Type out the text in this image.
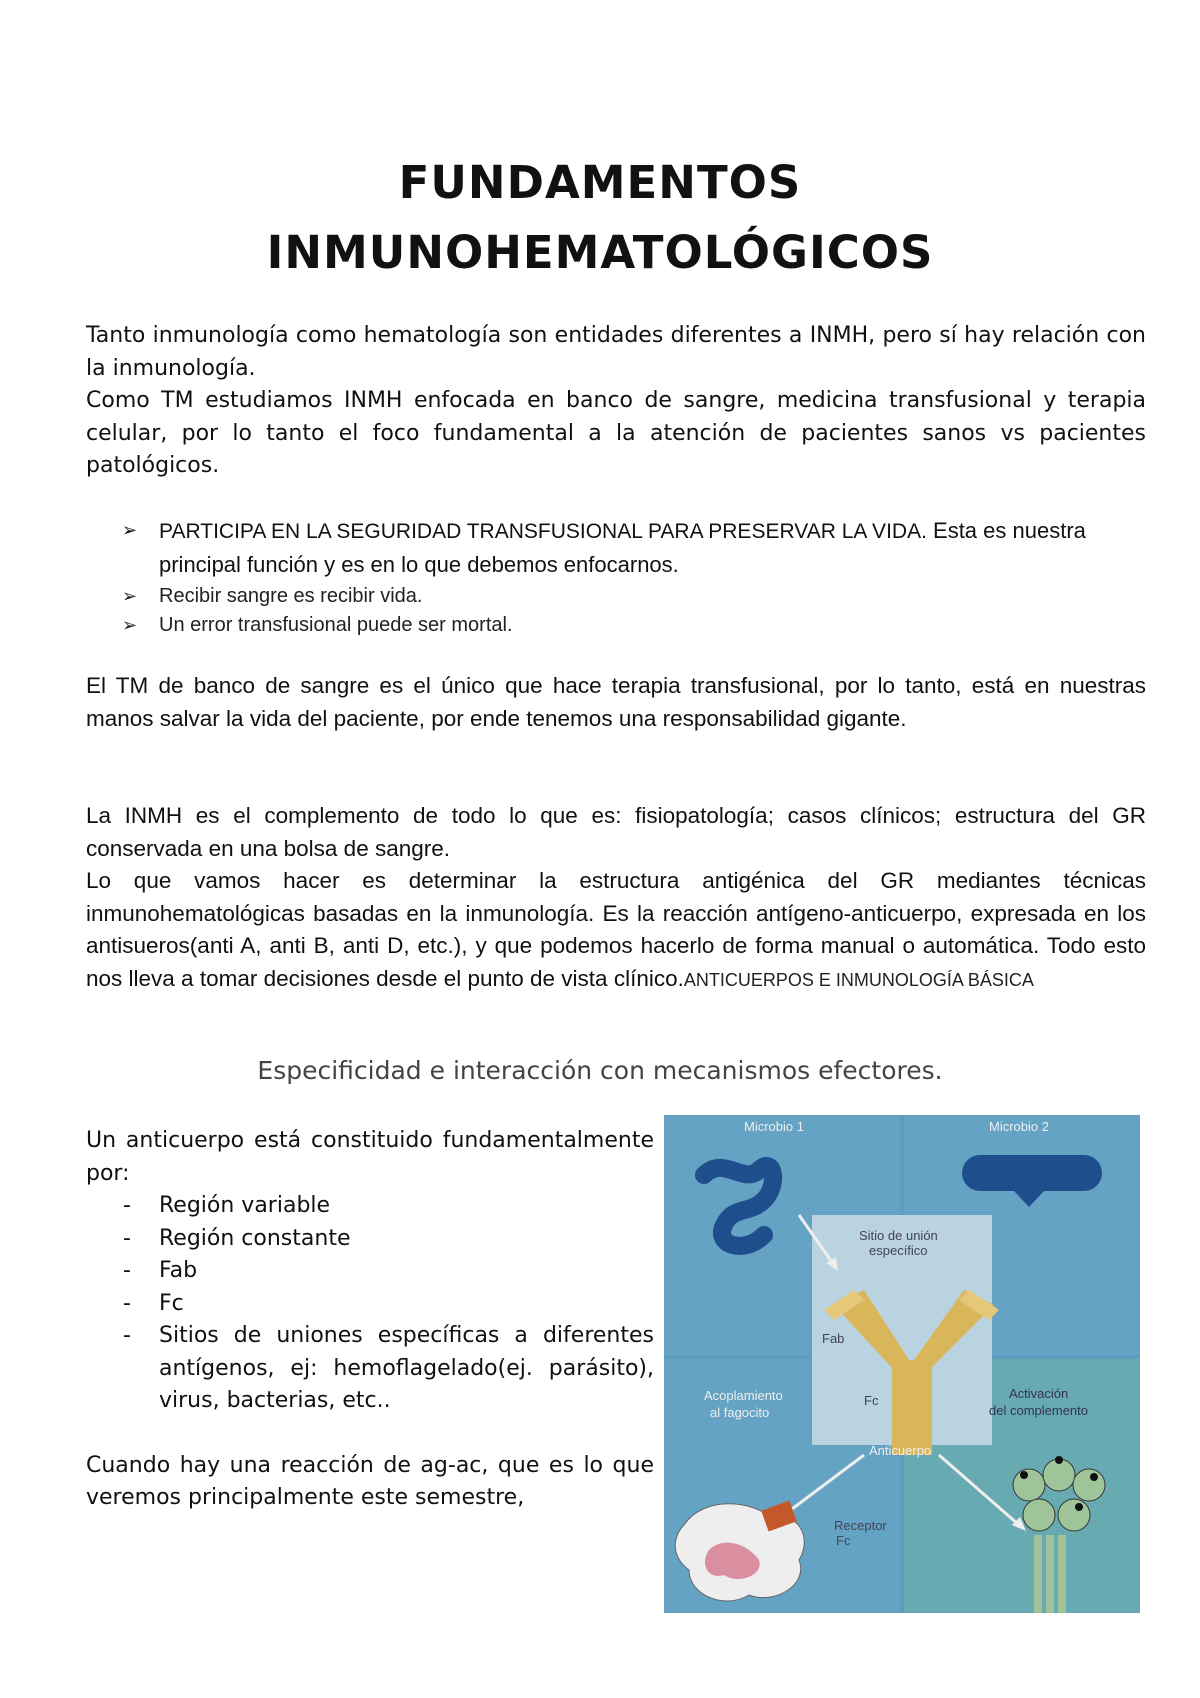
FUNDAMENTOS
INMUNOHEMATOLÓGICOS

Tanto inmunología como hematología son entidades diferentes a INMH, pero sí hay relación con la inmunología.

Como TM estudiamos INMH enfocada en banco de sangre, medicina transfusional y terapia celular, por lo tanto el foco fundamental a la atención de pacientes sanos vs pacientes patológicos.

➢ PARTICIPA EN LA SEGURIDAD TRANSFUSIONAL PARA PRESERVAR LA VIDA. Esta es nuestra principal función y es en lo que debemos enfocarnos.
➢ Recibir sangre es recibir vida.
➢ Un error transfusional puede ser mortal.

El TM de banco de sangre es el único que hace terapia transfusional, por lo tanto, está en nuestras manos salvar la vida del paciente, por ende tenemos una responsabilidad gigante.

La INMH es el complemento de todo lo que es: fisiopatología; casos clínicos; estructura del GR conservada en una bolsa de sangre.

Lo que vamos hacer es determinar la estructura antigénica del GR mediantes técnicas inmunohematológicas basadas en la inmunología. Es la reacción antígeno-anticuerpo, expresada en los antisueros(anti A, anti B, anti D, etc.), y que podemos hacerlo de forma manual o automática. Todo esto nos lleva a tomar decisiones desde el punto de vista clínico.ANTICUERPOS E INMUNOLOGÍA BÁSICA

Especificidad e interacción con mecanismos efectores.

Un anticuerpo está constituido fundamentalmente por:

- Región variable
- Región constante
- Fab
- Fc
- Sitios de uniones específicas a diferentes antígenos, ej: hemoflagelado(ej. parásito), virus, bacterias, etc..

Cuando hay una reacción de ag-ac, que es lo que veremos principalmente este semestre,

Microbio 1	Microbio 2
Sitio de unión
específico
Fab
Fc
Acoplamiento
al fagocito
Activación
del complemento
Anticuerpo
Receptor
Fc
